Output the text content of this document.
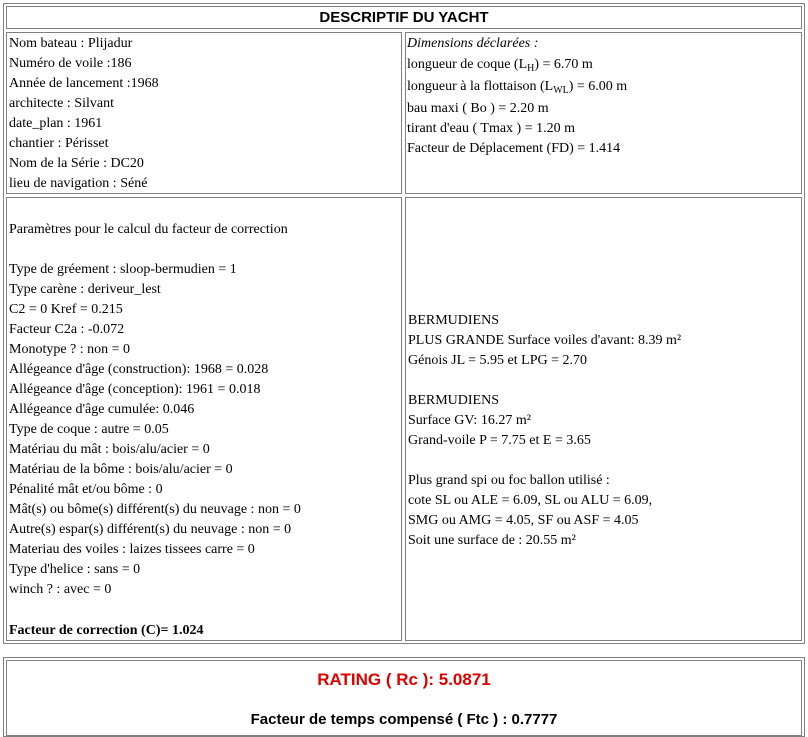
DESCRIPTIF DU YACHT
Nom bateau : Plijadur
Numéro de voile :186
Année de lancement :1968
architecte : Silvant
date_plan : 1961
chantier : Périsset
Nom de la Série : DC20
lieu de navigation : Séné
Dimensions déclarées :
longueur de coque $(L_H) = 6.70$ m
longueur à la flottaison $(L_{WL}) = 6.00$ m
bau maxi ( Bo ) = 2.20 m
tirant d'eau ( Tmax ) = 1.20 m
Facteur de Déplacement (FD) = 1.414
Paramètres pour le calcul du facteur de correction
Type de gréement : sloop-bermudien = 1
Type carène : deriveur_lest
C2 = 0 Kref = 0.215
Facteur C2a : -0.072
Monotype ? : non = 0
Allégeance d'âge (construction): 1968 = 0.028
Allégeance d'âge (conception): 1961 = 0.018
Allégeance d'âge cumulée: 0.046
Type de coque : autre = 0.05
Matériau du mât : bois/alu/acier = 0
Matériau de la bôme : bois/alu/acier = 0
Pénalité mât et/ou bôme : 0
Mât(s) ou bôme(s) différent(s) du neuvage : non = 0
Autre(s) espar(s) différent(s) du neuvage : non = 0
Materiau des voiles : laizes tissees carre = 0
Type d'helice : sans = 0
winch ? : avec = 0
Facteur de correction (C)= 1.024
BERMUDIENS
PLUS GRANDE Surface voiles d'avant: 8.39 m²
Génois JL = 5.95 et LPG = 2.70
BERMUDIENS
Surface GV: 16.27 m²
Grand-voile P = 7.75 et E = 3.65
Plus grand spi ou foc ballon utilisé :
cote SL ou ALE = 6.09, SL ou ALU = 6.09,
SMG ou AMG = 4.05, SF ou ASF = 4.05
Soit une surface de : 20.55 m²
RATING ( Rc ): 5.0871
Facteur de temps compensé ( Ftc ) : 0.7777
